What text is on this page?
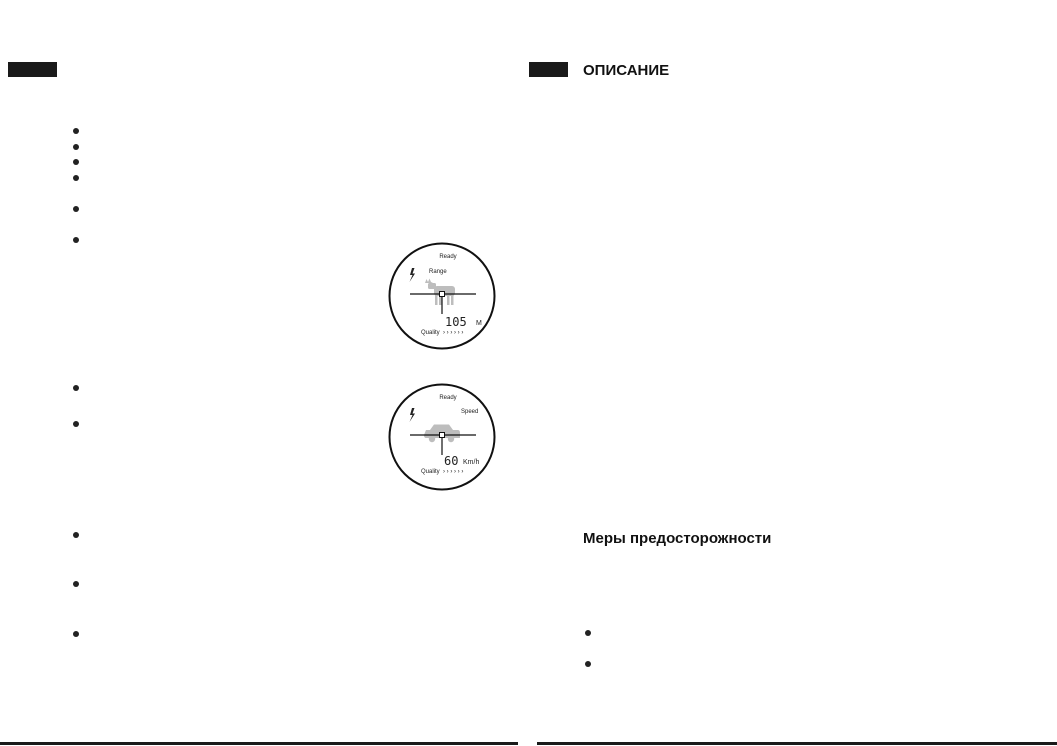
Ready
Range
105 M
Quality › › › › › ›
Ready
Speed
60 Km/h
Quality › › › › › ›
ОПИСАНИЕ
Меры предосторожности
